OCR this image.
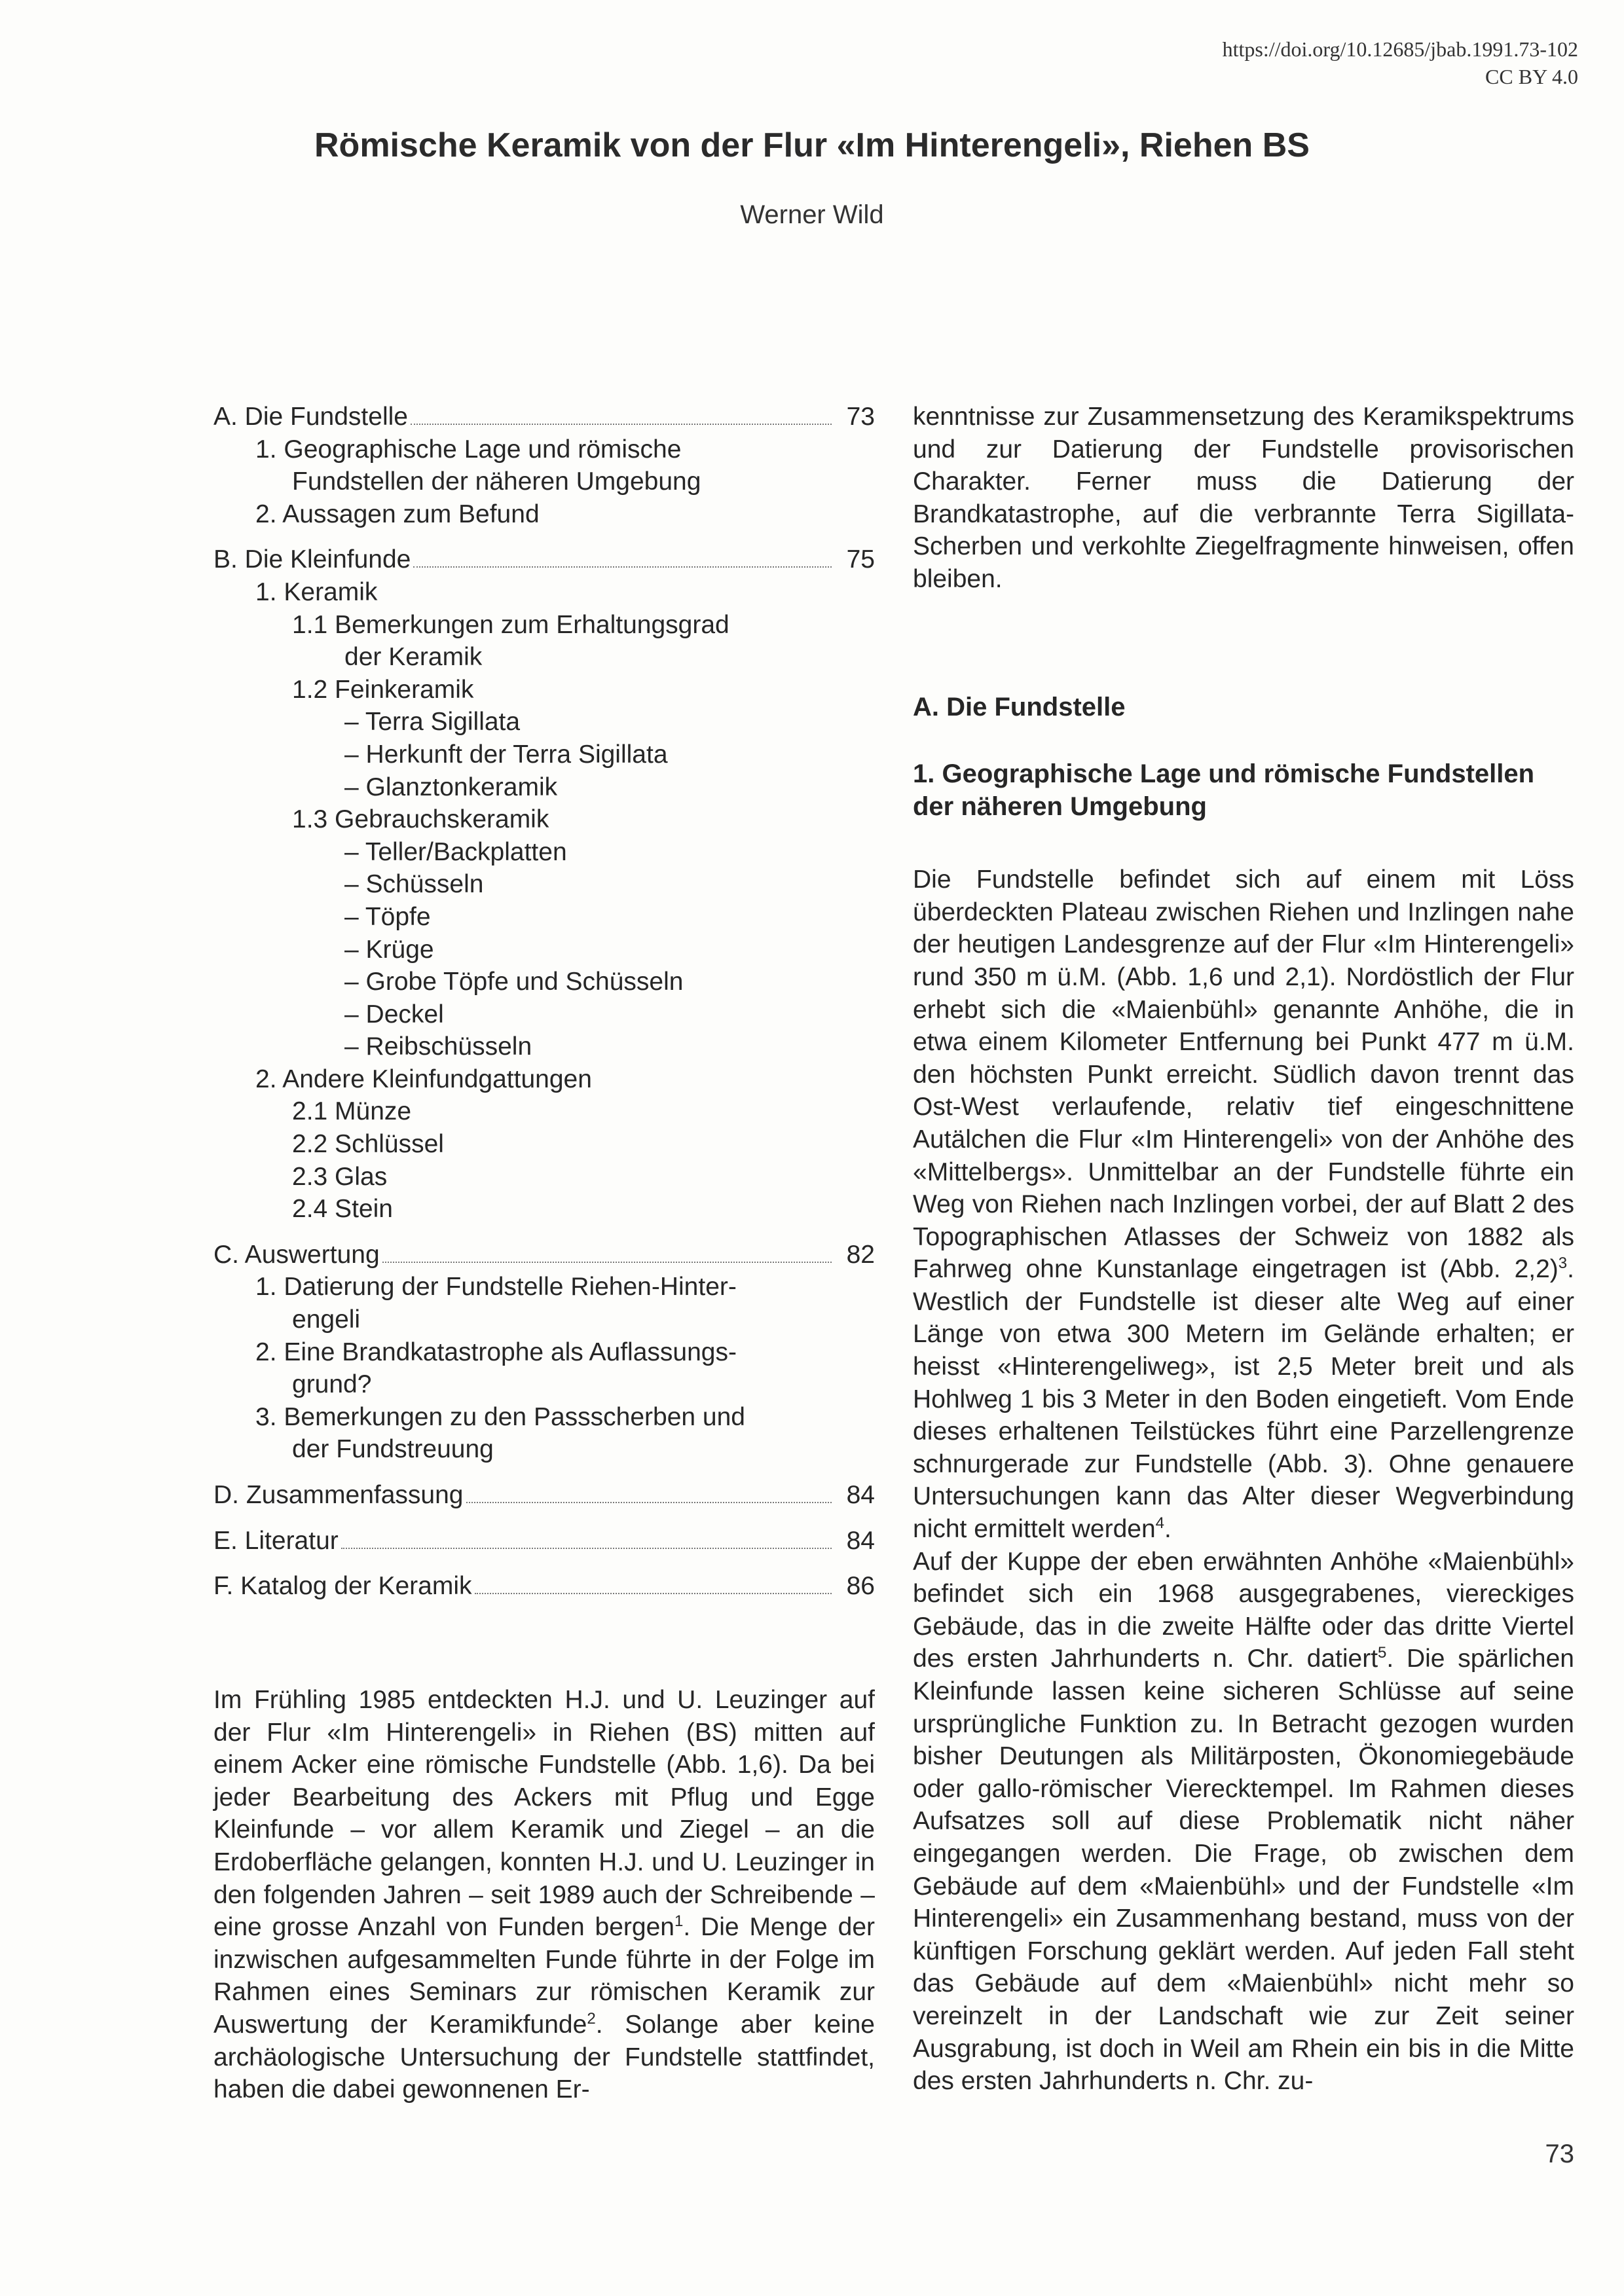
https://doi.org/10.12685/jbab.1991.73-102
CC BY 4.0
Römische Keramik von der Flur «Im Hinterengeli», Riehen BS
Werner Wild
A. Die Fundstelle	73
1. Geographische Lage und römische
Fundstellen der näheren Umgebung
2. Aussagen zum Befund
B. Die Kleinfunde	75
1. Keramik
1.1 Bemerkungen zum Erhaltungsgrad
der Keramik
1.2 Feinkeramik
– Terra Sigillata
– Herkunft der Terra Sigillata
– Glanztonkeramik
1.3 Gebrauchskeramik
– Teller/Backplatten
– Schüsseln
– Töpfe
– Krüge
– Grobe Töpfe und Schüsseln
– Deckel
– Reibschüsseln
2. Andere Kleinfundgattungen
2.1 Münze
2.2 Schlüssel
2.3 Glas
2.4 Stein
C. Auswertung	82
1. Datierung der Fundstelle Riehen-Hinter-
engeli
2. Eine Brandkatastrophe als Auflassungs-
grund?
3. Bemerkungen zu den Passscherben und
der Fundstreuung
D. Zusammenfassung	84
E. Literatur	84
F. Katalog der Keramik	86

Im Frühling 1985 entdeckten H.J. und U. Leuzinger auf der Flur «Im Hinterengeli» in Riehen (BS) mitten auf einem Acker eine römische Fundstelle (Abb. 1,6). Da bei jeder Bearbeitung des Ackers mit Pflug und Egge Kleinfunde – vor allem Keramik und Ziegel – an die Erdoberfläche gelangen, konnten H.J. und U. Leuzinger in den folgenden Jahren – seit 1989 auch der Schreibende – eine grosse Anzahl von Funden bergen$^1$. Die Menge der inzwischen aufgesammelten Funde führte in der Folge im Rahmen eines Seminars zur römischen Keramik zur Auswertung der Keramikfunde$^2$. Solange aber keine archäologische Untersuchung der Fundstelle stattfindet, haben die dabei gewonnenen Er-

kenntnisse zur Zusammensetzung des Keramikspektrums und zur Datierung der Fundstelle provisorischen Charakter. Ferner muss die Datierung der Brandkatastrophe, auf die verbrannte Terra Sigillata-Scherben und verkohlte Ziegelfragmente hinweisen, offen bleiben.

A. Die Fundstelle

1. Geographische Lage und römische Fundstellen der näheren Umgebung

Die Fundstelle befindet sich auf einem mit Löss überdeckten Plateau zwischen Riehen und Inzlingen nahe der heutigen Landesgrenze auf der Flur «Im Hinterengeli» rund 350 m ü.M. (Abb. 1,6 und 2,1). Nordöstlich der Flur erhebt sich die «Maienbühl» genannte Anhöhe, die in etwa einem Kilometer Entfernung bei Punkt 477 m ü.M. den höchsten Punkt erreicht. Südlich davon trennt das Ost-West verlaufende, relativ tief eingeschnittene Autälchen die Flur «Im Hinterengeli» von der Anhöhe des «Mittelbergs». Unmittelbar an der Fundstelle führte ein Weg von Riehen nach Inzlingen vorbei, der auf Blatt 2 des Topographischen Atlasses der Schweiz von 1882 als Fahrweg ohne Kunstanlage eingetragen ist (Abb. 2,2)$^3$. Westlich der Fundstelle ist dieser alte Weg auf einer Länge von etwa 300 Metern im Gelände erhalten; er heisst «Hinterengeliweg», ist 2,5 Meter breit und als Hohlweg 1 bis 3 Meter in den Boden eingetieft. Vom Ende dieses erhaltenen Teilstückes führt eine Parzellengrenze schnurgerade zur Fundstelle (Abb. 3). Ohne genauere Untersuchungen kann das Alter dieser Wegverbindung nicht ermittelt werden$^4$.

Auf der Kuppe der eben erwähnten Anhöhe «Maienbühl» befindet sich ein 1968 ausgegrabenes, viereckiges Gebäude, das in die zweite Hälfte oder das dritte Viertel des ersten Jahrhunderts n. Chr. datiert$^5$. Die spärlichen Kleinfunde lassen keine sicheren Schlüsse auf seine ursprüngliche Funktion zu. In Betracht gezogen wurden bisher Deutungen als Militärposten, Ökonomiegebäude oder gallo-römischer Vierecktempel. Im Rahmen dieses Aufsatzes soll auf diese Problematik nicht näher eingegangen werden. Die Frage, ob zwischen dem Gebäude auf dem «Maienbühl» und der Fundstelle «Im Hinterengeli» ein Zusammenhang bestand, muss von der künftigen Forschung geklärt werden. Auf jeden Fall steht das Gebäude auf dem «Maienbühl» nicht mehr so vereinzelt in der Landschaft wie zur Zeit seiner Ausgrabung, ist doch in Weil am Rhein ein bis in die Mitte des ersten Jahrhunderts n. Chr. zu-

73
